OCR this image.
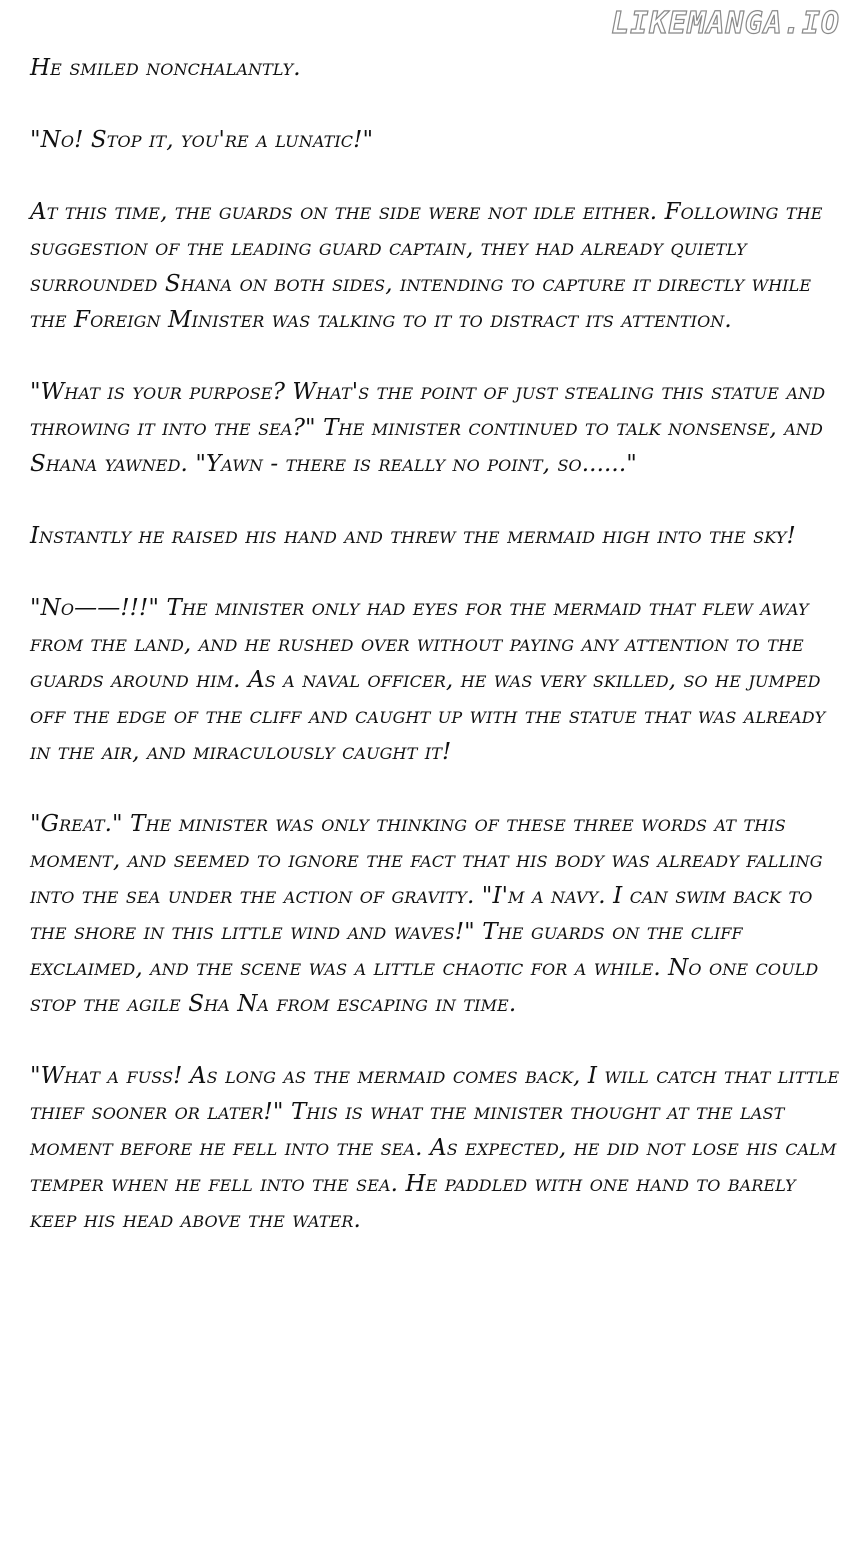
LIKEMANGA.IO

He smiled nonchalantly.

"No! Stop it, you're a lunatic!"

At this time, the guards on the side were not idle either. Following the suggestion of the leading guard captain, they had already quietly surrounded Shana on both sides, intending to capture it directly while the Foreign Minister was talking to it to distract its attention.

"What is your purpose? What's the point of just stealing this statue and throwing it into the sea?" The minister continued to talk nonsense, and Shana yawned. "Yawn - there is really no point, so......"

Instantly he raised his hand and threw the mermaid high into the sky!

"No——!!!" The minister only had eyes for the mermaid that flew away from the land, and he rushed over without paying any attention to the guards around him. As a naval officer, he was very skilled, so he jumped off the edge of the cliff and caught up with the statue that was already in the air, and miraculously caught it!

"Great." The minister was only thinking of these three words at this moment, and seemed to ignore the fact that his body was already falling into the sea under the action of gravity. "I'm a navy. I can swim back to the shore in this little wind and waves!" The guards on the cliff exclaimed, and the scene was a little chaotic for a while. No one could stop the agile Sha Na from escaping in time.

"What a fuss! As long as the mermaid comes back, I will catch that little thief sooner or later!" This is what the minister thought at the last moment before he fell into the sea. As expected, he did not lose his calm temper when he fell into the sea. He paddled with one hand to barely keep his head above the water.
